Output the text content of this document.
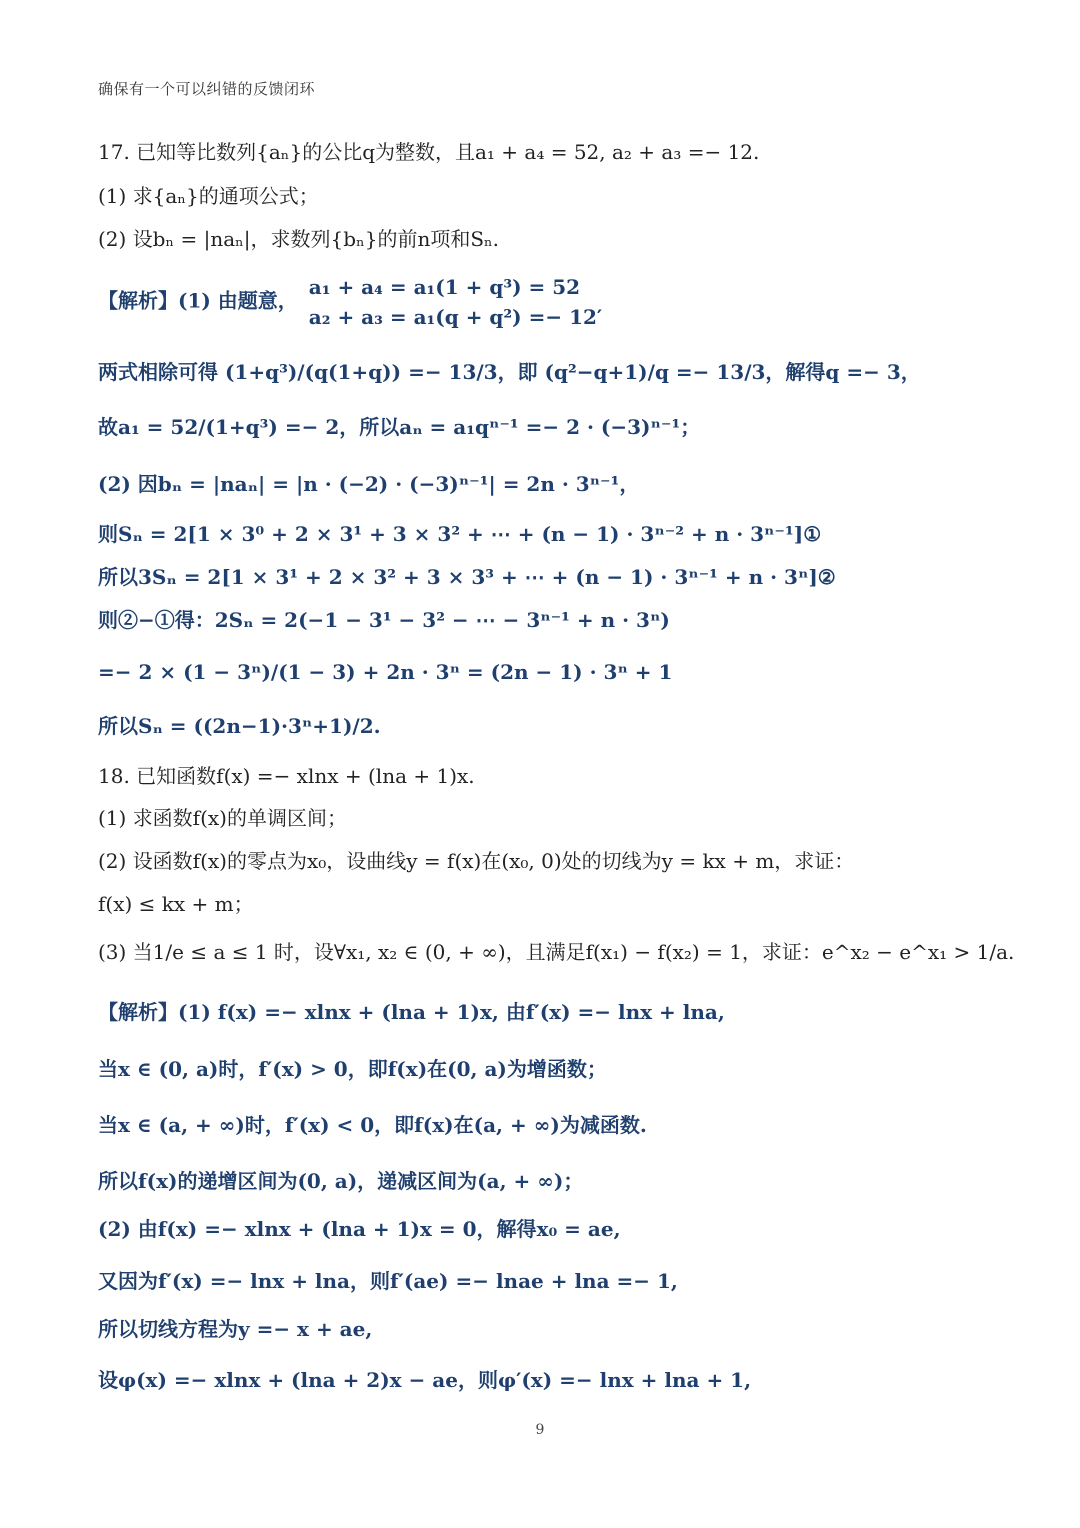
确保有一个可以纠错的反馈闭环
17. 已知等比数列{aₙ}的公比q为整数，且a₁ + a₄ = 52, a₂ + a₃ =− 12.
(1) 求{aₙ}的通项公式；
(2) 设bₙ = |naₙ|，求数列{bₙ}的前n项和Sₙ.
两式相除可得 (1+q³)/(q(1+q)) =− 13/3，即 (q²−q+1)/q =− 13/3，解得q =− 3，
故a₁ = 52/(1+q³) =− 2，所以aₙ = a₁qⁿ⁻¹ =− 2 · (−3)ⁿ⁻¹；
(2) 因bₙ = |naₙ| = |n · (−2) · (−3)ⁿ⁻¹| = 2n · 3ⁿ⁻¹，
则Sₙ = 2[1 × 3⁰ + 2 × 3¹ + 3 × 3² + ⋯ + (n − 1) · 3ⁿ⁻² + n · 3ⁿ⁻¹]①
所以3Sₙ = 2[1 × 3¹ + 2 × 3² + 3 × 3³ + ⋯ + (n − 1) · 3ⁿ⁻¹ + n · 3ⁿ]②
则②−①得：2Sₙ = 2(−1 − 3¹ − 3² − ⋯ − 3ⁿ⁻¹ + n · 3ⁿ)
=− 2 × (1 − 3ⁿ)/(1 − 3) + 2n · 3ⁿ = (2n − 1) · 3ⁿ + 1
所以Sₙ = ((2n−1)·3ⁿ+1)/2.
18. 已知函数f(x) =− xlnx + (lna + 1)x.
(1) 求函数f(x)的单调区间；
(2) 设函数f(x)的零点为x₀，设曲线y = f(x)在(x₀, 0)处的切线为y = kx + m，求证：
f(x) ≤ kx + m；
(3) 当1/e ≤ a ≤ 1 时，设∀x₁, x₂ ∈ (0, + ∞)，且满足f(x₁) − f(x₂) = 1，求证：e^x₂ − e^x₁ > 1/a.
【解析】(1) f(x) =− xlnx + (lna + 1)x, 由f′(x) =− lnx + lna,
当x ∈ (0, a)时，f′(x) > 0，即f(x)在(0, a)为增函数；
当x ∈ (a, + ∞)时，f′(x) < 0，即f(x)在(a, + ∞)为减函数.
所以f(x)的递增区间为(0, a)，递减区间为(a, + ∞)；
(2) 由f(x) =− xlnx + (lna + 1)x = 0，解得x₀ = ae,
又因为f′(x) =− lnx + lna，则f′(ae) =− lnae + lna =− 1,
所以切线方程为y =− x + ae,
设φ(x) =− xlnx + (lna + 2)x − ae，则φ′(x) =− lnx + lna + 1,
【解析】(1) 由题意，
a₁ + a₄ = a₁(1 + q³) = 52
a₂ + a₃ = a₁(q + q²) =− 12′
9
